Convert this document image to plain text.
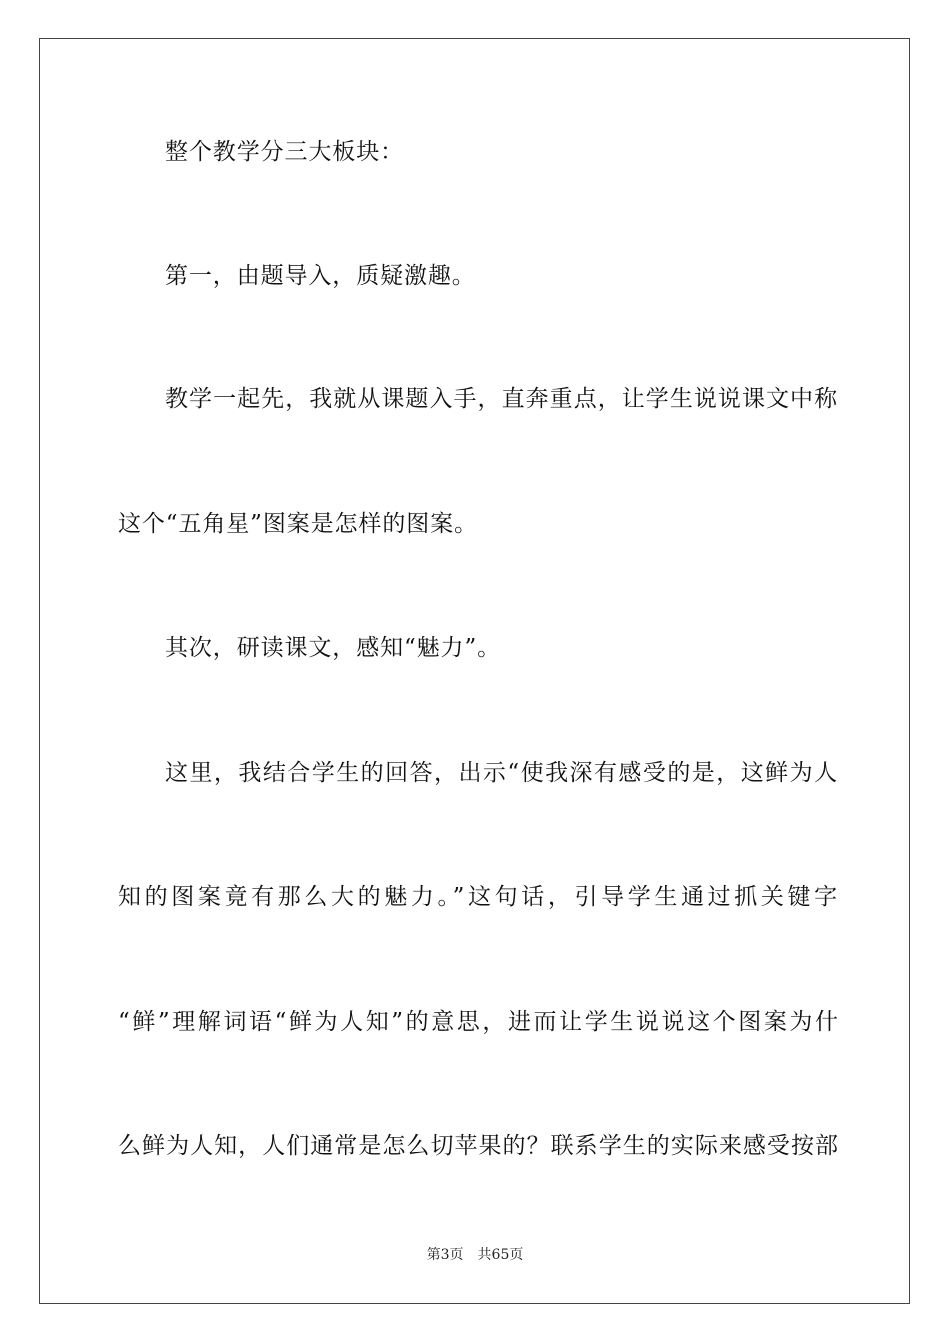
整个教学分三大板块：
第一，由题导入，质疑激趣。
教学一起先，我就从课题入手，直奔重点，让学生说说课文中称
这个“五角星”图案是怎样的图案。
其次，研读课文，感知“魅力”。
这里，我结合学生的回答，出示“使我深有感受的是，这鲜为人
知的图案竟有那么大的魅力。”这句话，引导学生通过抓关键字
“鲜”理解词语“鲜为人知”的意思，进而让学生说说这个图案为什
么鲜为人知，人们通常是怎么切苹果的？联系学生的实际来感受按部
第3页 共65页
